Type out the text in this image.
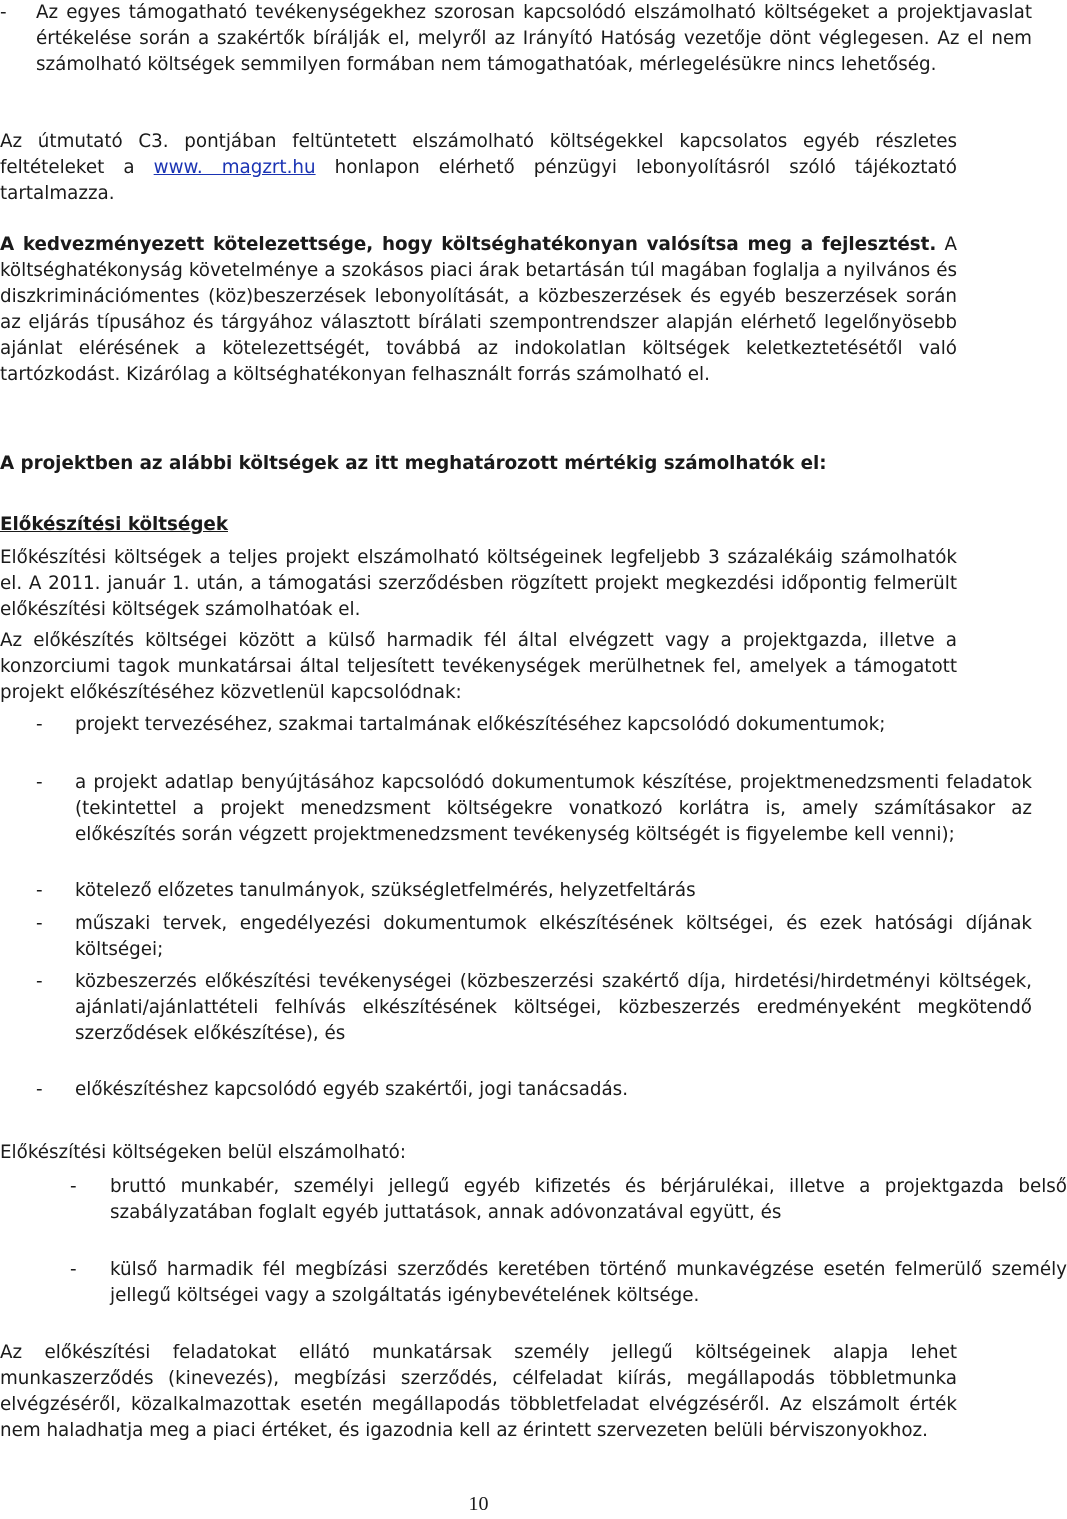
- Az egyes támogatható tevékenységekhez szorosan kapcsolódó elszámolható költségeket a projektjavaslat értékelése során a szakértők bírálják el, melyről az Irányító Hatóság vezetője dönt véglegesen. Az el nem számolható költségek semmilyen formában nem támogathatóak, mérlegelésükre nincs lehetőség.

Az útmutató C3. pontjában feltüntetett elszámolható költségekkel kapcsolatos egyéb részletes feltételeket a www. magzrt.hu honlapon elérhető pénzügyi lebonyolításról szóló tájékoztató tartalmazza.

A kedvezményezett kötelezettsége, hogy költséghatékonyan valósítsa meg a fejlesztést. A költséghatékonyság követelménye a szokásos piaci árak betartásán túl magában foglalja a nyilvános és diszkriminációmentes (köz)beszerzések lebonyolítását, a közbeszerzések és egyéb beszerzések során az eljárás típusához és tárgyához választott bírálati szempontrendszer alapján elérhető legelőnyösebb ajánlat elérésének a kötelezettségét, továbbá az indokolatlan költségek keletkeztetésétől való tartózkodást. Kizárólag a költséghatékonyan felhasznált forrás számolható el.

A projektben az alábbi költségek az itt meghatározott mértékig számolhatók el:

Előkészítési költségek

Előkészítési költségek a teljes projekt elszámolható költségeinek legfeljebb 3 százalékáig számolhatók el. A 2011. január 1. után, a támogatási szerződésben rögzített projekt megkezdési időpontig felmerült előkészítési költségek számolhatóak el.

Az előkészítés költségei között a külső harmadik fél által elvégzett vagy a projektgazda, illetve a konzorciumi tagok munkatársai által teljesített tevékenységek merülhetnek fel, amelyek a támogatott projekt előkészítéséhez közvetlenül kapcsolódnak:

- projekt tervezéséhez, szakmai tartalmának előkészítéséhez kapcsolódó dokumentumok;

- a projekt adatlap benyújtásához kapcsolódó dokumentumok készítése, projektmenedzsmenti feladatok (tekintettel a projekt menedzsment költségekre vonatkozó korlátra is, amely számításakor az előkészítés során végzett projektmenedzsment tevékenység költségét is figyelembe kell venni);

- kötelező előzetes tanulmányok, szükségletfelmérés, helyzetfeltárás

- műszaki tervek, engedélyezési dokumentumok elkészítésének költségei, és ezek hatósági díjának költségei;

- közbeszerzés előkészítési tevékenységei (közbeszerzési szakértő díja, hirdetési/hirdetményi költségek, ajánlati/ajánlattételi felhívás elkészítésének költségei, közbeszerzés eredményeként megkötendő szerződések előkészítése), és

- előkészítéshez kapcsolódó egyéb szakértői, jogi tanácsadás.

Előkészítési költségeken belül elszámolható:

- bruttó munkabér, személyi jellegű egyéb kifizetés és bérjárulékai, illetve a projektgazda belső szabályzatában foglalt egyéb juttatások, annak adóvonzatával együtt, és

- külső harmadik fél megbízási szerződés keretében történő munkavégzése esetén felmerülő személy jellegű költségei vagy a szolgáltatás igénybevételének költsége.

Az előkészítési feladatokat ellátó munkatársak személy jellegű költségeinek alapja lehet munkaszerződés (kinevezés), megbízási szerződés, célfeladat kiírás, megállapodás többletmunka elvégzéséről, közalkalmazottak esetén megállapodás többletfeladat elvégzéséről. Az elszámolt érték nem haladhatja meg a piaci értéket, és igazodnia kell az érintett szervezeten belüli bérviszonyokhoz.

10
